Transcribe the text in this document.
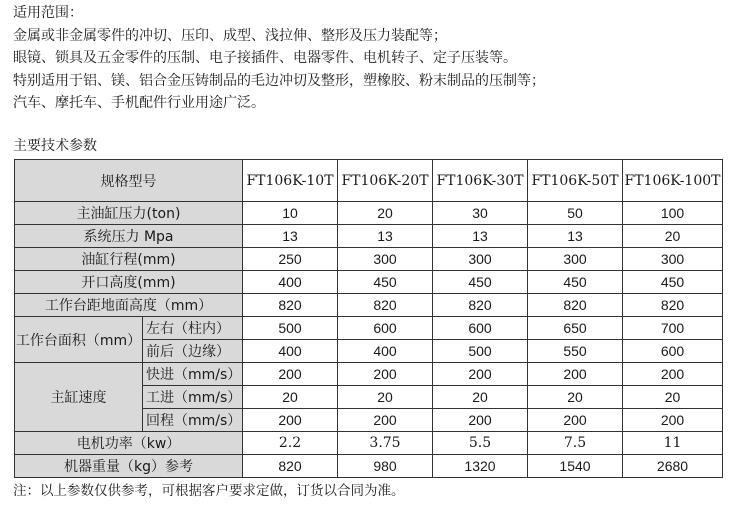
适用范围：
金属或非金属零件的冲切、压印、成型、浅拉伸、整形及压力装配等；
眼镜、锁具及五金零件的压制、电子接插件、电器零件、电机转子、定子压装等。
特别适用于铝、镁、铝合金压铸制品的毛边冲切及整形，塑橡胶、粉末制品的压制等；
汽车、摩托车、手机配件行业用途广泛。
主要技术参数
规格型号		FT106K-10T	FT106K-20T	FT106K-30T	FT106K-50T	FT106K-100T
主油缸压力(ton)		10	20	30	50	100
系统压力 Mpa		13	13	13	13	20
油缸行程(mm)		250	300	300	300	300
开口高度(mm)		400	450	450	450	450
工作台距地面高度（mm）		820	820	820	820	820
工作台面积（mm）	左右（柱内）	500	600	600	650	700
	前后（边缘）	400	400	500	550	600
主缸速度	快进（mm/s）	200	200	200	200	200
	工进（mm/s）	20	20	20	20	20
	回程（mm/s）	200	200	200	200	200
电机功率（kw）		2.2	3.75	5.5	7.5	11
机器重量（kg）参考		820	980	1320	1540	2680
注：以上参数仅供参考，可根据客户要求定做，订货以合同为准。
